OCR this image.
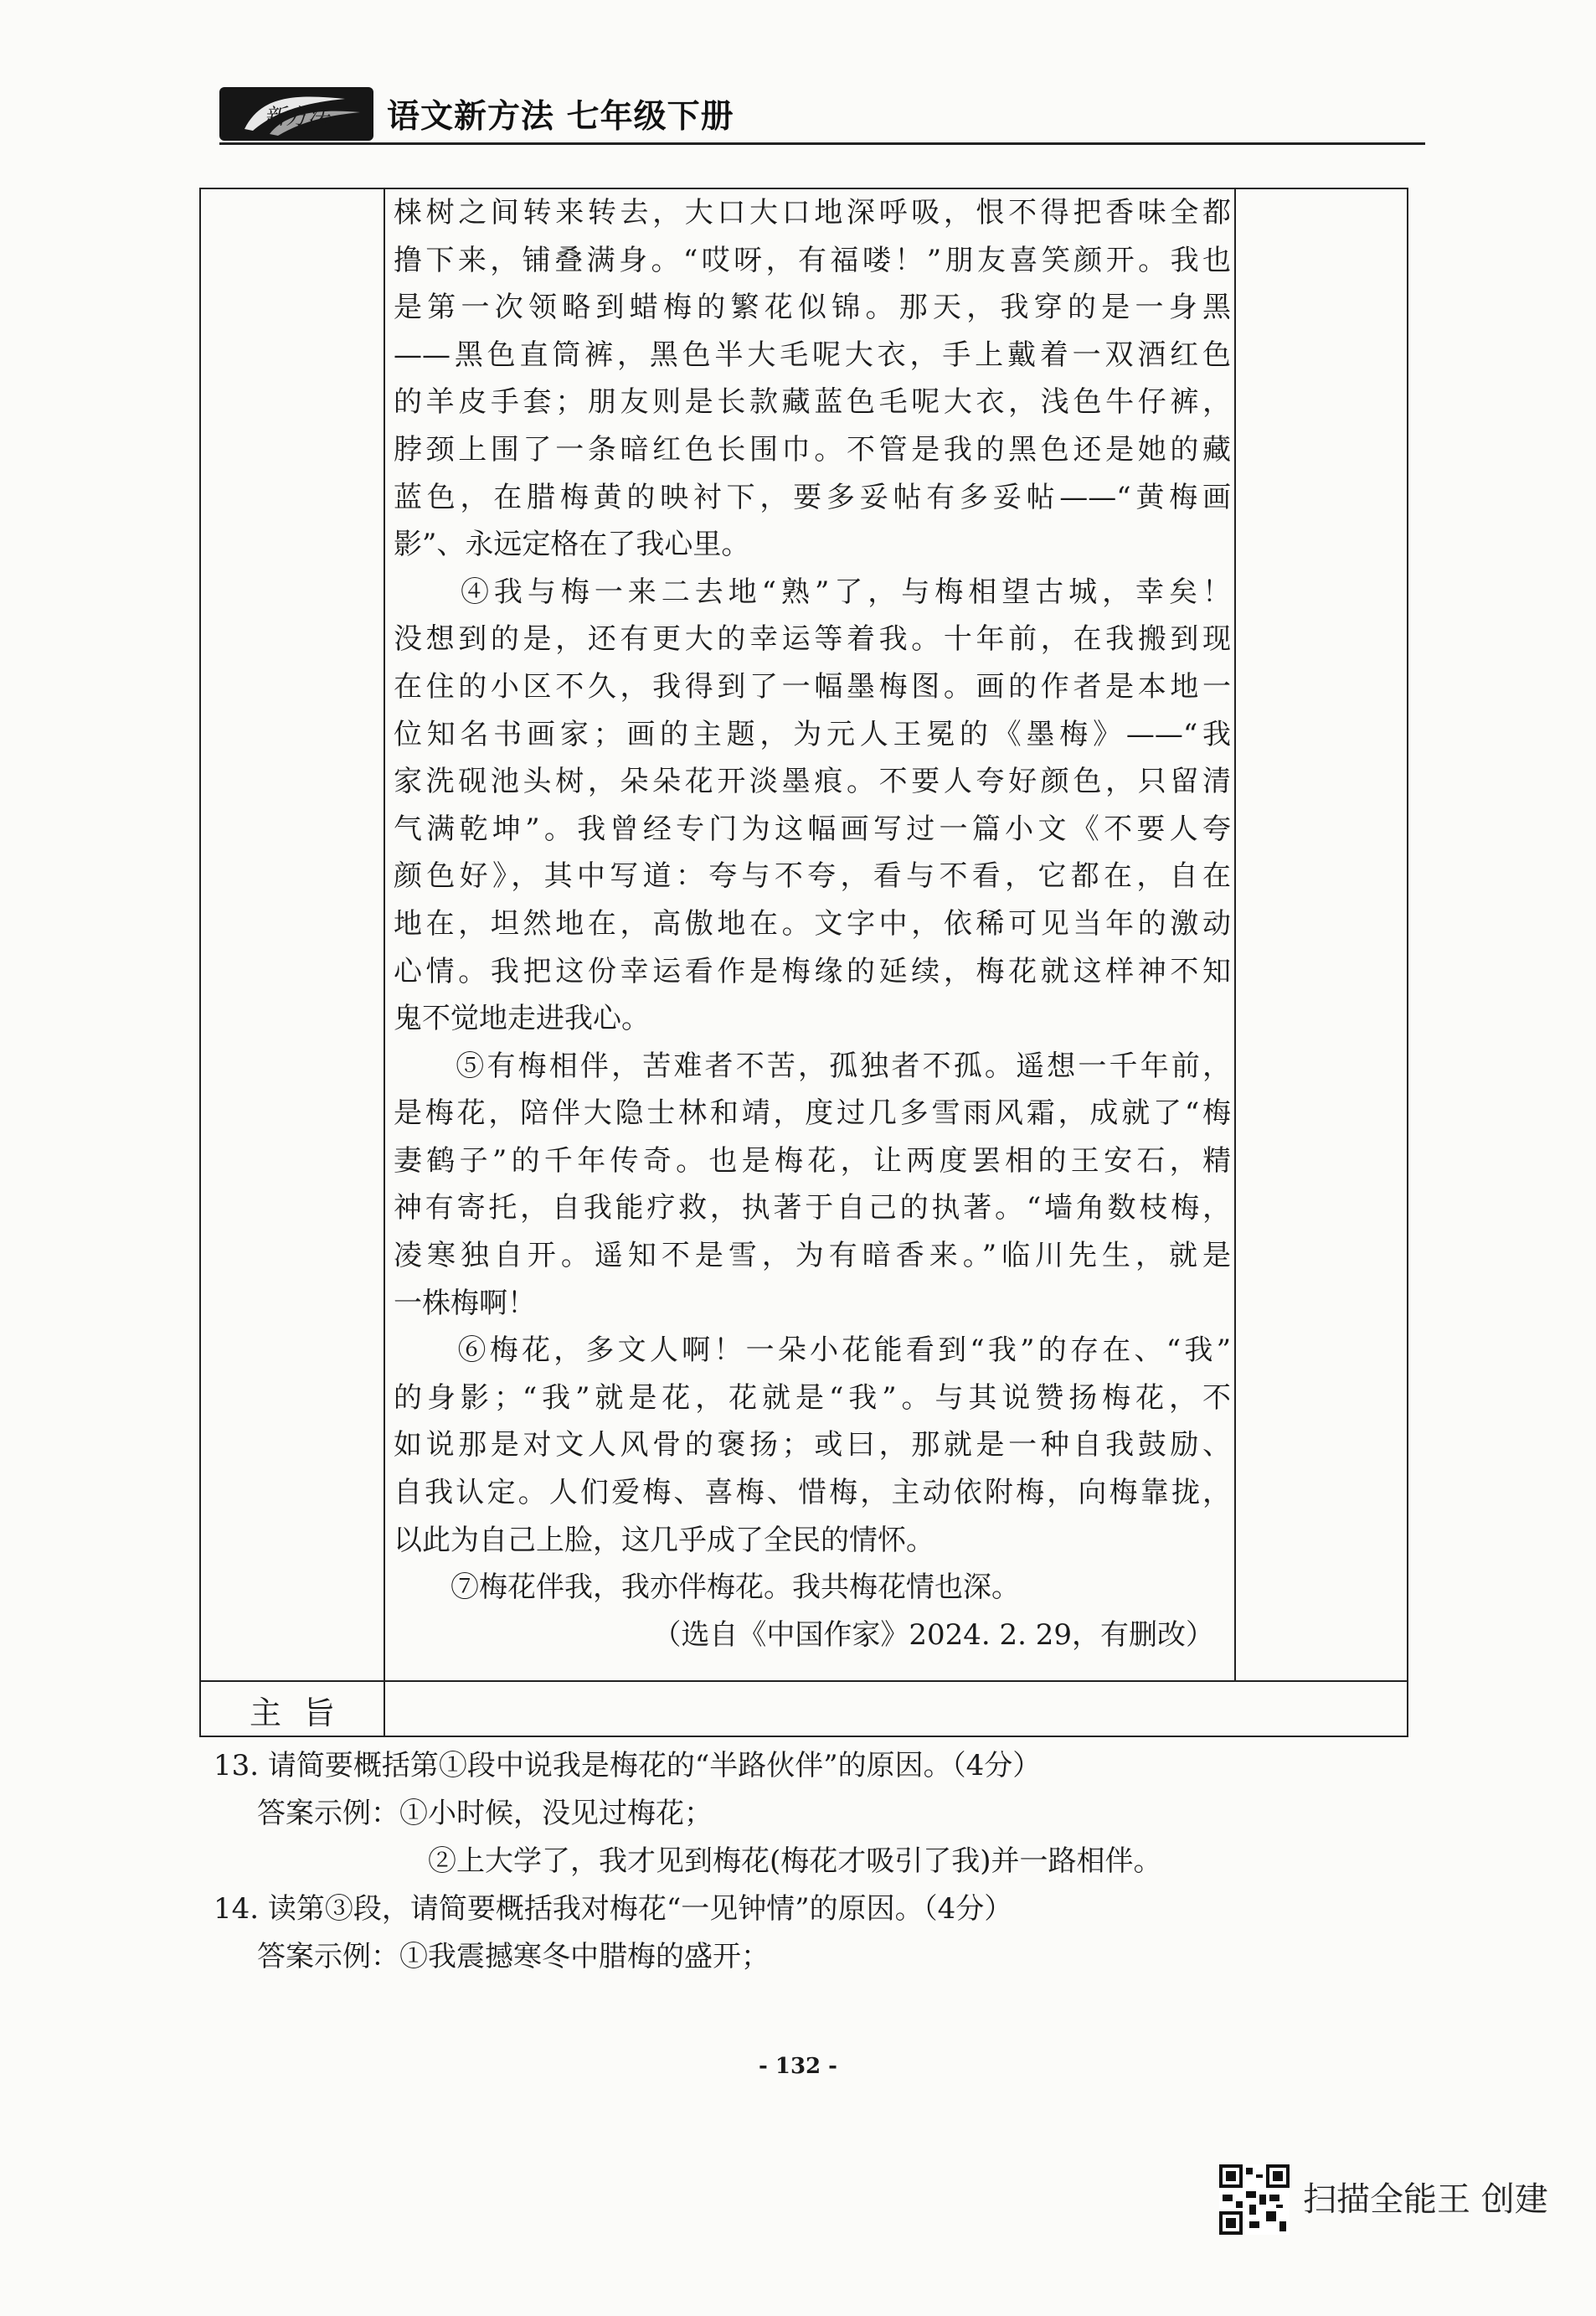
新方法 语文新方法 七年级下册
梾树之间转来转去，大口大口地深呼吸，恨不得把香味全都
撸下来，铺叠满身。“哎呀，有福喽！”朋友喜笑颜开。我也
是第一次领略到蜡梅的繁花似锦。那天，我穿的是一身黑
——黑色直筒裤，黑色半大毛呢大衣，手上戴着一双酒红色
的羊皮手套；朋友则是长款藏蓝色毛呢大衣，浅色牛仔裤，
脖颈上围了一条暗红色长围巾。不管是我的黑色还是她的藏
蓝色，在腊梅黄的映衬下，要多妥帖有多妥帖——“黄梅画
影”、永远定格在了我心里。
　　④我与梅一来二去地“熟”了，与梅相望古城，幸矣！
没想到的是，还有更大的幸运等着我。十年前，在我搬到现
在住的小区不久，我得到了一幅墨梅图。画的作者是本地一
位知名书画家；画的主题，为元人王冕的《墨梅》——“我
家洗砚池头树，朵朵花开淡墨痕。不要人夸好颜色，只留清
气满乾坤”。我曾经专门为这幅画写过一篇小文《不要人夸
颜色好》，其中写道：夸与不夸，看与不看，它都在，自在
地在，坦然地在，高傲地在。文字中，依稀可见当年的激动
心情。我把这份幸运看作是梅缘的延续，梅花就这样神不知
鬼不觉地走进我心。
　　⑤有梅相伴，苦难者不苦，孤独者不孤。遥想一千年前，
是梅花，陪伴大隐士林和靖，度过几多雪雨风霜，成就了“梅
妻鹤子”的千年传奇。也是梅花，让两度罢相的王安石，精
神有寄托，自我能疗救，执著于自己的执著。“墙角数枝梅，
凌寒独自开。遥知不是雪，为有暗香来。”临川先生，就是
一株梅啊！
　　⑥梅花，多文人啊！一朵小花能看到“我”的存在、“我”
的身影；“我”就是花，花就是“我”。与其说赞扬梅花，不
如说那是对文人风骨的褒扬；或曰，那就是一种自我鼓励、
自我认定。人们爱梅、喜梅、惜梅，主动依附梅，向梅靠拢，
以此为自己上脸，这几乎成了全民的情怀。
　　⑦梅花伴我，我亦伴梅花。我共梅花情也深。
（选自《中国作家》2024. 2. 29，有删改）
主旨
13. 请简要概括第①段中说我是梅花的“半路伙伴”的原因。（4分）
答案示例：①小时候，没见过梅花；
②上大学了，我才见到梅花(梅花才吸引了我)并一路相伴。
14. 读第③段，请简要概括我对梅花“一见钟情”的原因。（4分）
答案示例：①我震撼寒冬中腊梅的盛开；
- 132 -
扫描全能王 创建
